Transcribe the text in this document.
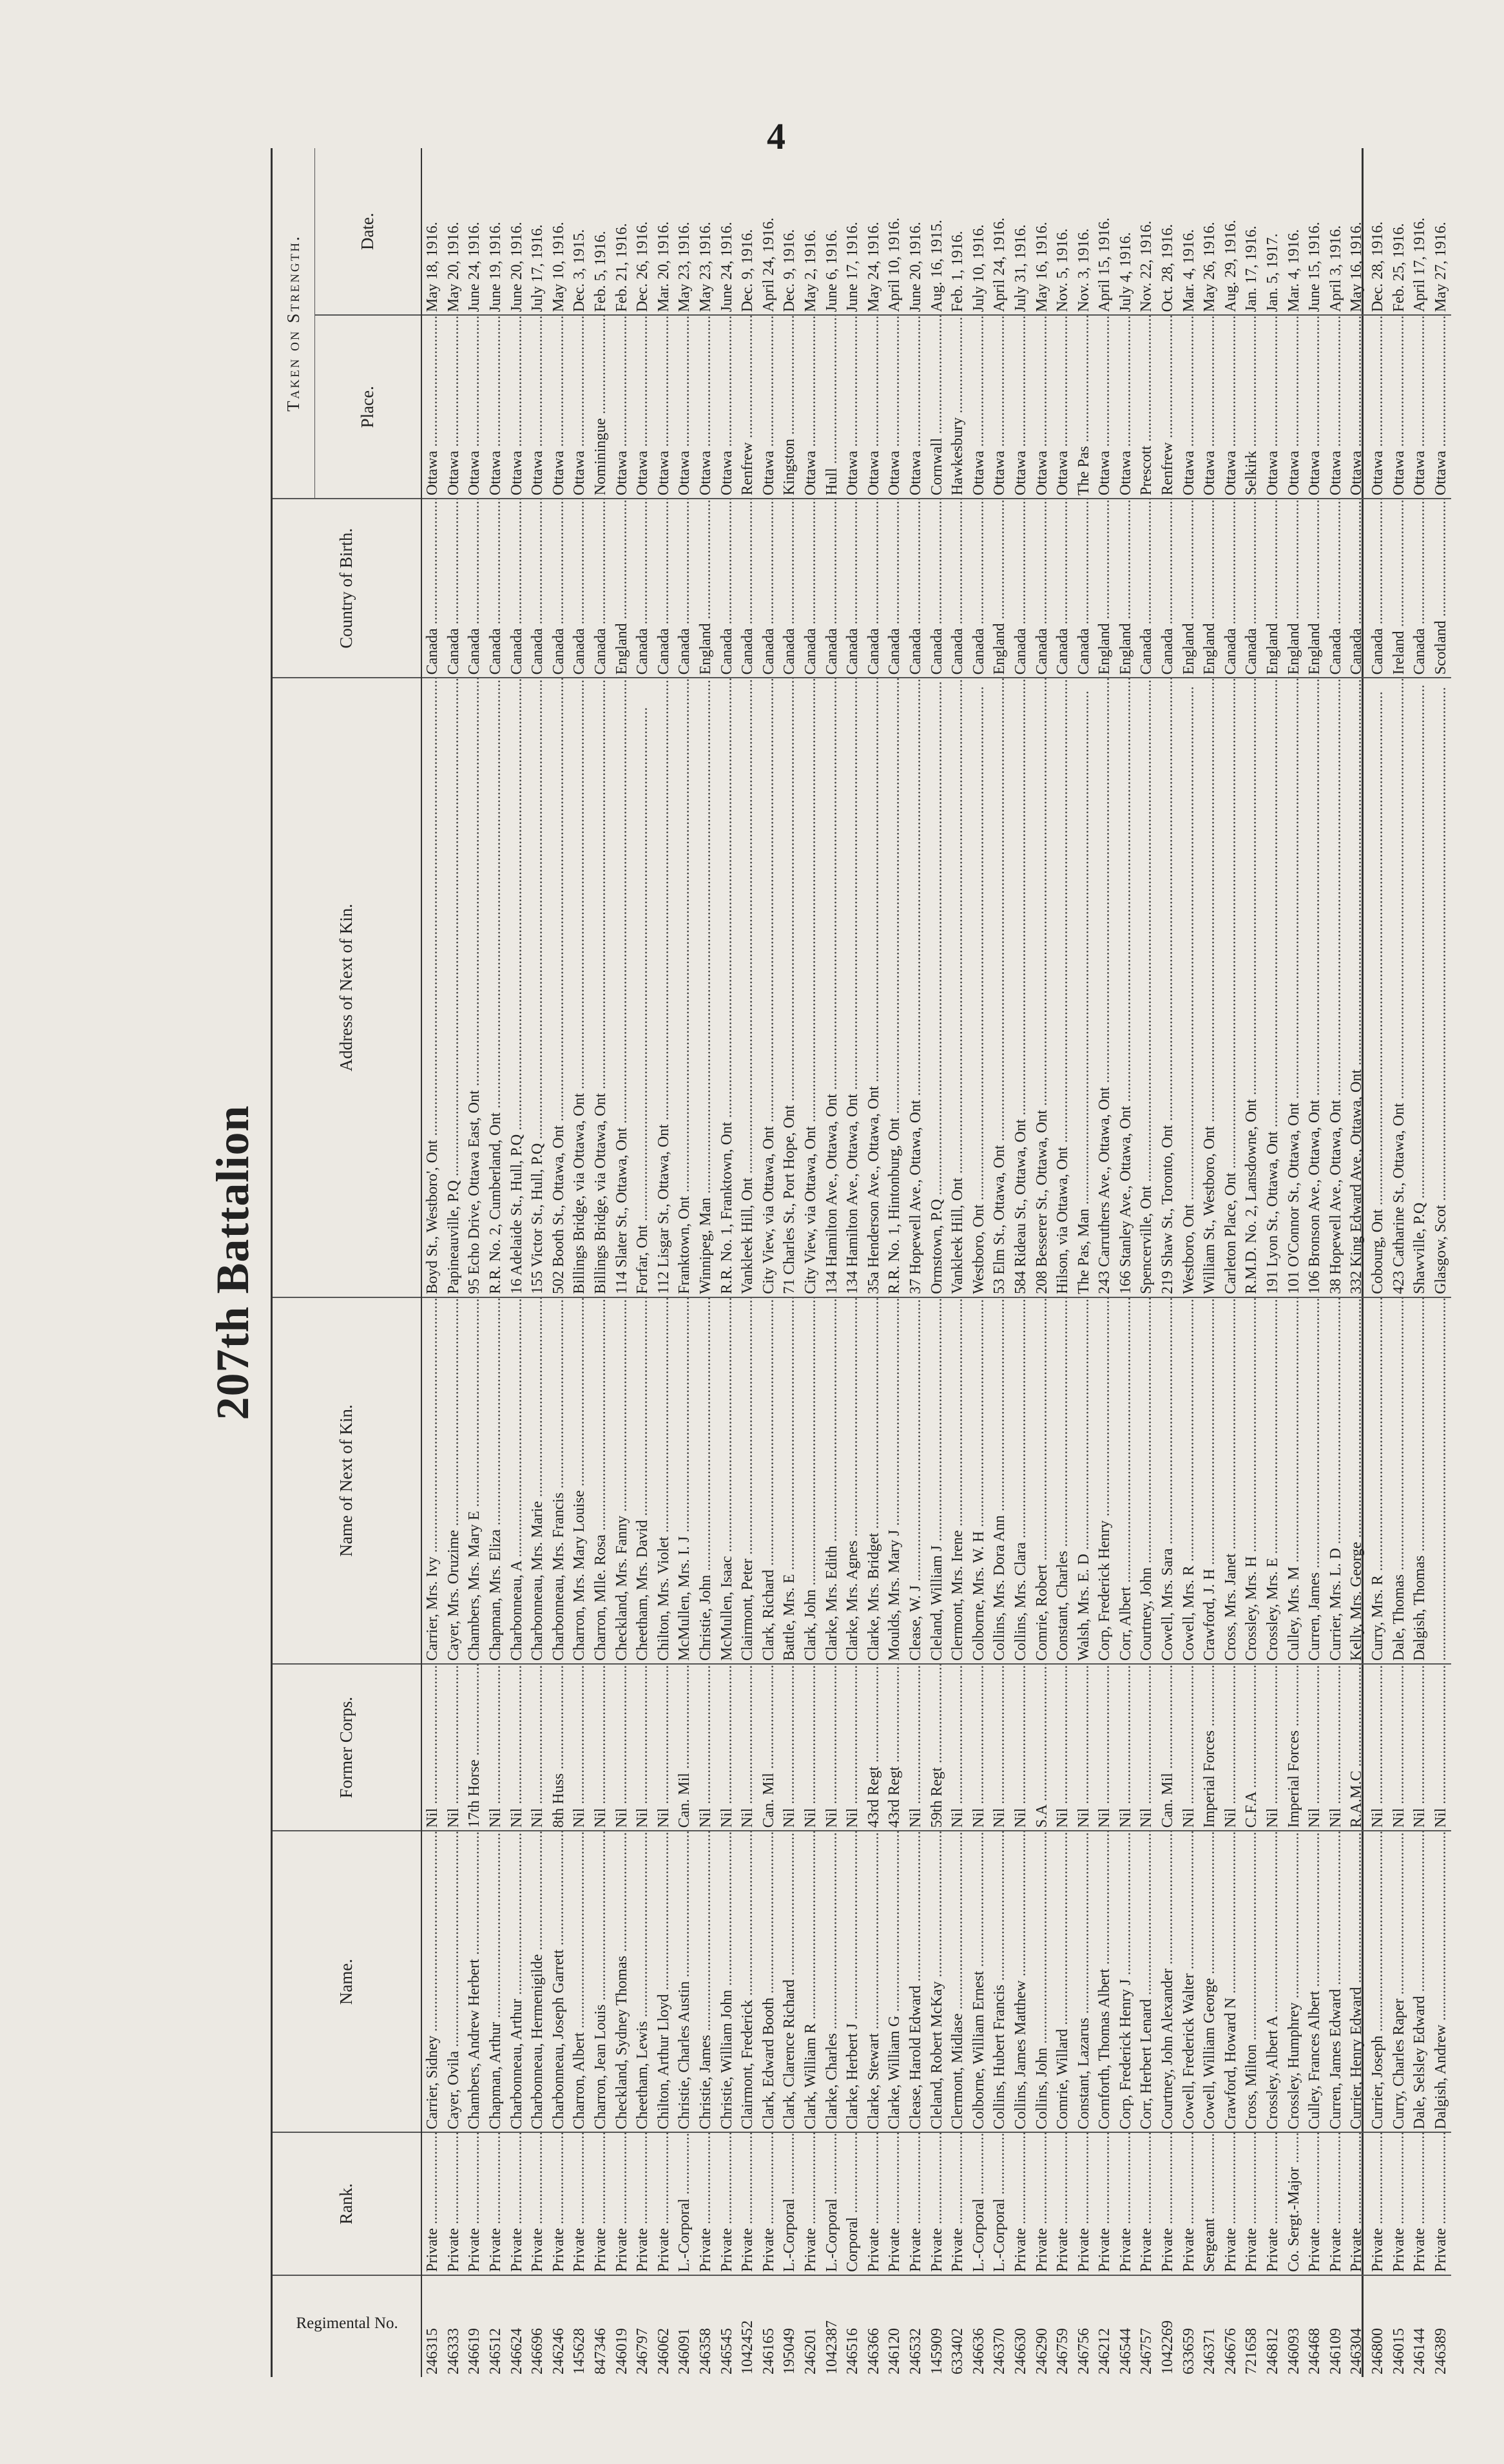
4
207th Battalion
Regimental No.	Rank.	Name.	Former Corps.	Name of Next of Kin.	Address of Next of Kin.	Country of Birth.	Taken on Strength.	
							Place.	Date.
246315	Private .....	Carrier, Sidney .....	Nil .....	Carrier, Mrs. Ivy .....	Boyd St., Westboro', Ont .....	Canada .....	Ottawa .....	May 18, 1916.
246333	Private .....	Cayer, Ovila .....	Nil .....	Cayer, Mrs. Oruzime .....	Papineauville, P.Q .....	Canada .....	Ottawa .....	May 20, 1916.
246619	Private .....	Chambers, Andrew Herbert .....	17th Horse .....	Chambers, Mrs. Mary E .....	95 Echo Drive, Ottawa East, Ont .....	Canada .....	Ottawa .....	June 24, 1916.
246512	Private .....	Chapman, Arthur .....	Nil .....	Chapman, Mrs. Eliza .....	R.R. No. 2, Cumberland, Ont .....	Canada .....	Ottawa .....	June 19, 1916.
246624	Private .....	Charbonneau, Arthur .....	Nil .....	Charbonneau, A .....	16 Adelaide St., Hull, P.Q .....	Canada .....	Ottawa .....	June 20, 1916.
246696	Private .....	Charbonneau, Hermenigilde .....	Nil .....	Charbonneau, Mrs. Marie .....	155 Victor St., Hull, P.Q .....	Canada .....	Ottawa .....	July 17, 1916.
246246	Private .....	Charbonneau, Joseph Garrett .....	8th Huss .....	Charbonneau, Mrs. Francis .....	502 Booth St., Ottawa, Ont .....	Canada .....	Ottawa .....	May 10, 1916.
145628	Private .....	Charron, Albert .....	Nil .....	Charron, Mrs. Mary Louise .....	Billings Bridge, via Ottawa, Ont .....	Canada .....	Ottawa .....	Dec. 3, 1915.
847346	Private .....	Charron, Jean Louis .....	Nil .....	Charron, Mlle. Rosa .....	Billings Bridge, via Ottawa, Ont .....	Canada .....	Nominingue .....	Feb. 5, 1916.
246019	Private .....	Checkland, Sydney Thomas .....	Nil .....	Checkland, Mrs. Fanny .....	114 Slater St., Ottawa, Ont .....	England .....	Ottawa .....	Feb. 21, 1916.
246797	Private .....	Cheetham, Lewis .....	Nil .....	Cheetham, Mrs. David .....	Forfar, Ont .....	Canada .....	Ottawa .....	Dec. 26, 1916.
246062	Private .....	Chilton, Arthur Lloyd .....	Nil .....	Chilton, Mrs. Violet .....	112 Lisgar St., Ottawa, Ont .....	Canada .....	Ottawa .....	Mar. 20, 1916.
246091	L.-Corporal .....	Christie, Charles Austin .....	Can. Mil .....	McMullen, Mrs. I. J .....	Franktown, Ont .....	Canada .....	Ottawa .....	May 23, 1916.
246358	Private .....	Christie, James .....	Nil .....	Christie, John .....	Winnipeg, Man .....	England .....	Ottawa .....	May 23, 1916.
246545	Private .....	Christie, William John .....	Nil .....	McMullen, Isaac .....	R.R. No. 1, Franktown, Ont .....	Canada .....	Ottawa .....	June 24, 1916.
1042452	Private .....	Clairmont, Frederick .....	Nil .....	Clairmont, Peter .....	Vankleek Hill, Ont .....	Canada .....	Renfrew .....	Dec. 9, 1916.
246165	Private .....	Clark, Edward Booth .....	Can. Mil .....	Clark, Richard .....	City View, via Ottawa, Ont .....	Canada .....	Ottawa .....	April 24, 1916.
195049	L.-Corporal .....	Clark, Clarence Richard .....	Nil .....	Battle, Mrs. E .....	71 Charles St., Port Hope, Ont .....	Canada .....	Kingston .....	Dec. 9, 1916.
246201	Private .....	Clark, William R .....	Nil .....	Clark, John .....	City View, via Ottawa, Ont .....	Canada .....	Ottawa .....	May 2, 1916.
1042387	L.-Corporal .....	Clarke, Charles .....	Nil .....	Clarke, Mrs. Edith .....	134 Hamilton Ave., Ottawa, Ont .....	Canada .....	Hull .....	June 6, 1916.
246516	Corporal .....	Clarke, Herbert J .....	Nil .....	Clarke, Mrs. Agnes .....	134 Hamilton Ave., Ottawa, Ont .....	Canada .....	Ottawa .....	June 17, 1916.
246366	Private .....	Clarke, Stewart .....	43rd Regt .....	Clarke, Mrs. Bridget .....	35a Henderson Ave., Ottawa, Ont .....	Canada .....	Ottawa .....	May 24, 1916.
246120	Private .....	Clarke, William G .....	43rd Regt .....	Moulds, Mrs. Mary J .....	R.R. No. 1, Hintonburg, Ont .....	Canada .....	Ottawa .....	April 10, 1916.
246532	Private .....	Clease, Harold Edward .....	Nil .....	Clease, W. J .....	37 Hopewell Ave., Ottawa, Ont .....	Canada .....	Ottawa .....	June 20, 1916.
145909	Private .....	Cleland, Robert McKay .....	59th Regt .....	Cleland, William J .....	Ormstown, P.Q .....	Canada .....	Cornwall .....	Aug. 16, 1915.
633402	Private .....	Clermont, Midlase .....	Nil .....	Clermont, Mrs. Irene .....	Vankleek Hill, Ont .....	Canada .....	Hawkesbury .....	Feb. 1, 1916.
246636	L.-Corporal .....	Colborne, William Ernest .....	Nil .....	Colborne, Mrs. W. H .....	Westboro, Ont .....	Canada .....	Ottawa .....	July 10, 1916.
246370	L.-Corporal .....	Collins, Hubert Francis .....	Nil .....	Collins, Mrs. Dora Ann .....	53 Elm St., Ottawa, Ont .....	England .....	Ottawa .....	April 24, 1916.
246630	Private .....	Collins, James Matthew .....	Nil .....	Collins, Mrs. Clara .....	584 Rideau St., Ottawa, Ont .....	Canada .....	Ottawa .....	July 31, 1916.
246290	Private .....	Collins, John .....	S.A .....	Comrie, Robert .....	208 Besserer St., Ottawa, Ont .....	Canada .....	Ottawa .....	May 16, 1916.
246759	Private .....	Comrie, Willard .....	Nil .....	Constant, Charles .....	Hilson, via Ottawa, Ont .....	Canada .....	Ottawa .....	Nov. 5, 1916.
246756	Private .....	Constant, Lazarus .....	Nil .....	Walsh, Mrs. E. D .....	The Pas, Man .....	Canada .....	The Pas .....	Nov. 3, 1916.
246212	Private .....	Cornforth, Thomas Albert .....	Nil .....	Corp, Frederick Henry .....	243 Carruthers Ave., Ottawa, Ont .....	England .....	Ottawa .....	April 15, 1916.
246544	Private .....	Corp, Frederick Henry J .....	Nil .....	Corr, Albert .....	166 Stanley Ave., Ottawa, Ont .....	England .....	Ottawa .....	July 4, 1916.
246757	Private .....	Corr, Herbert Lenard .....	Nil .....	Courtney, John .....	Spencerville, Ont .....	Canada .....	Prescott .....	Nov. 22, 1916.
1042269	Private .....	Courtney, John Alexander .....	Can. Mil .....	Cowell, Mrs. Sara .....	219 Shaw St., Toronto, Ont .....	Canada .....	Renfrew .....	Oct. 28, 1916.
633659	Private .....	Cowell, Frederick Walter .....	Nil .....	Cowell, Mrs. R .....	Westboro, Ont .....	England .....	Ottawa .....	Mar. 4, 1916.
246371	Sergeant .....	Cowell, William George .....	Imperial Forces .....	Crawford, J. H .....	William St., Westboro, Ont .....	England .....	Ottawa .....	May 26, 1916.
246676	Private .....	Crawford, Howard N .....	Nil .....	Cross, Mrs. Janet .....	Carleton Place, Ont .....	Canada .....	Ottawa .....	Aug. 29, 1916.
721658	Private .....	Cross, Milton .....	C.F.A .....	Crossley, Mrs. H .....	R.M.D. No. 2, Lansdowne, Ont .....	Canada .....	Selkirk .....	Jan. 17, 1916.
246812	Private .....	Crossley, Albert A .....	Nil .....	Crossley, Mrs. E .....	191 Lyon St., Ottawa, Ont .....	England .....	Ottawa .....	Jan. 5, 1917.
246093	Co. Sergt.-Major .....	Crossley, Humphrey .....	Imperial Forces .....	Culley, Mrs. M .....	101 O'Connor St., Ottawa, Ont .....	England .....	Ottawa .....	Mar. 4, 1916.
246468	Private .....	Culley, Frances Albert .....	Nil .....	Curren, James .....	106 Bronson Ave., Ottawa, Ont .....	England .....	Ottawa .....	June 15, 1916.
246109	Private .....	Curren, James Edward .....	Nil .....	Currier, Mrs. L. D .....	38 Hopewell Ave., Ottawa, Ont .....	Canada .....	Ottawa .....	April 3, 1916.
246304	Private .....	Currier, Henry Edward .....	R.A.M.C .....	Kelly, Mrs. George .....	332 King Edward Ave., Ottawa, Ont .....	Canada .....	Ottawa .....	May 16, 1916.
246800	Private .....	Currier, Joseph .....	Nil .....	Curry, Mrs. R .....	Cobourg, Ont .....	Canada .....	Ottawa .....	Dec. 28, 1916.
246015	Private .....	Curry, Charles Raper .....	Nil .....	Dale, Thomas .....	423 Catharine St., Ottawa, Ont .....	Ireland .....	Ottawa .....	Feb. 25, 1916.
246144	Private .....	Dale, Selsley Edward .....	Nil .....	Dalgish, Thomas .....	Shawville, P.Q .....	Canada .....	Ottawa .....	April 17, 1916.
246389	Private .....	Dalgish, Andrew .....	Nil .....	.....	Glasgow, Scot .....	Scotland .....	Ottawa .....	May 27, 1916.
